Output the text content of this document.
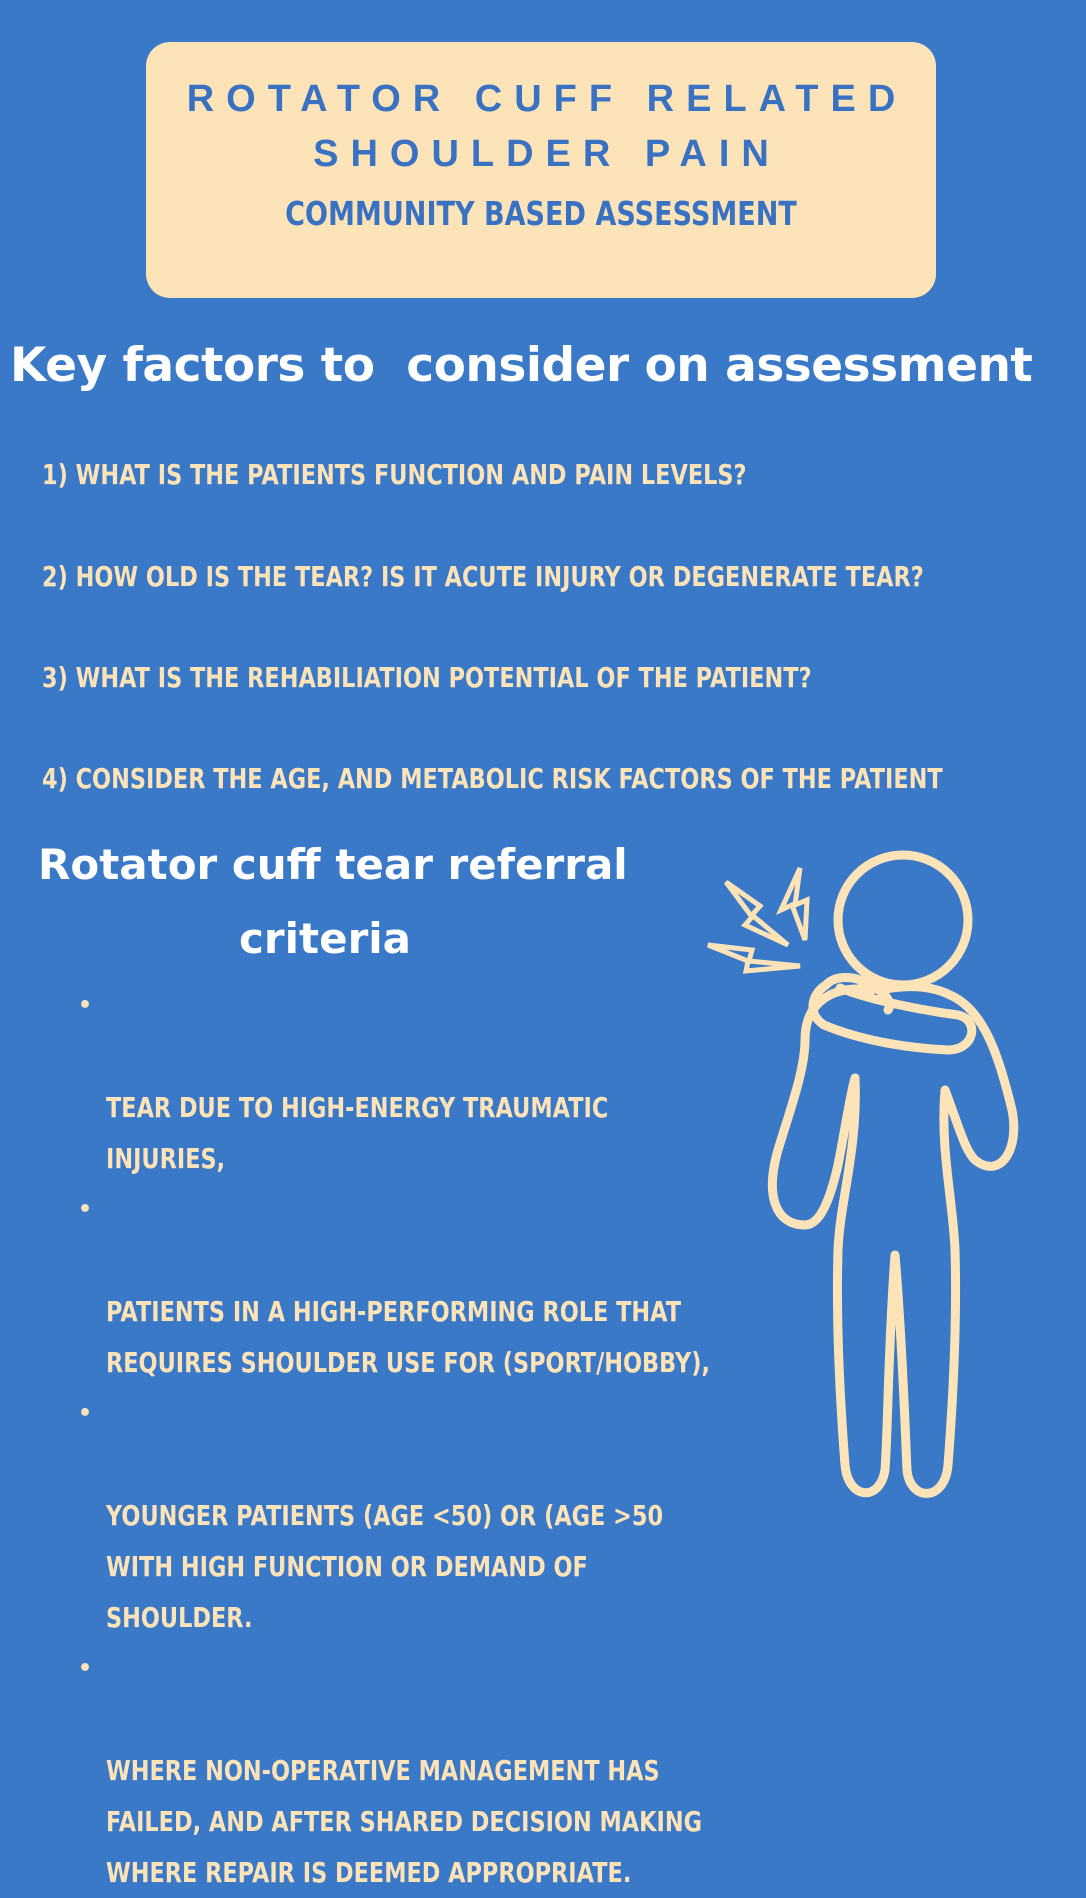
ROTATOR CUFF RELATED
SHOULDER PAIN
COMMUNITY BASED ASSESSMENT
Key factors to  consider on assessment
1) WHAT IS THE PATIENTS FUNCTION AND PAIN LEVELS?
2) HOW OLD IS THE TEAR? IS IT ACUTE INJURY OR DEGENERATE TEAR?
3) WHAT IS THE REHABILIATION POTENTIAL OF THE PATIENT?
4) CONSIDER THE AGE, AND METABOLIC RISK FACTORS OF THE PATIENT
Rotator cuff tear referral
criteria

•

TEAR DUE TO HIGH-ENERGY TRAUMATIC
INJURIES,

•

PATIENTS IN A HIGH-PERFORMING ROLE THAT
REQUIRES SHOULDER USE FOR (SPORT/HOBBY),

•

YOUNGER PATIENTS (AGE <50) OR (AGE >50
WITH HIGH FUNCTION OR DEMAND OF
SHOULDER.

•

WHERE NON-OPERATIVE MANAGEMENT HAS
FAILED, AND AFTER SHARED DECISION MAKING
WHERE REPAIR IS DEEMED APPROPRIATE.
